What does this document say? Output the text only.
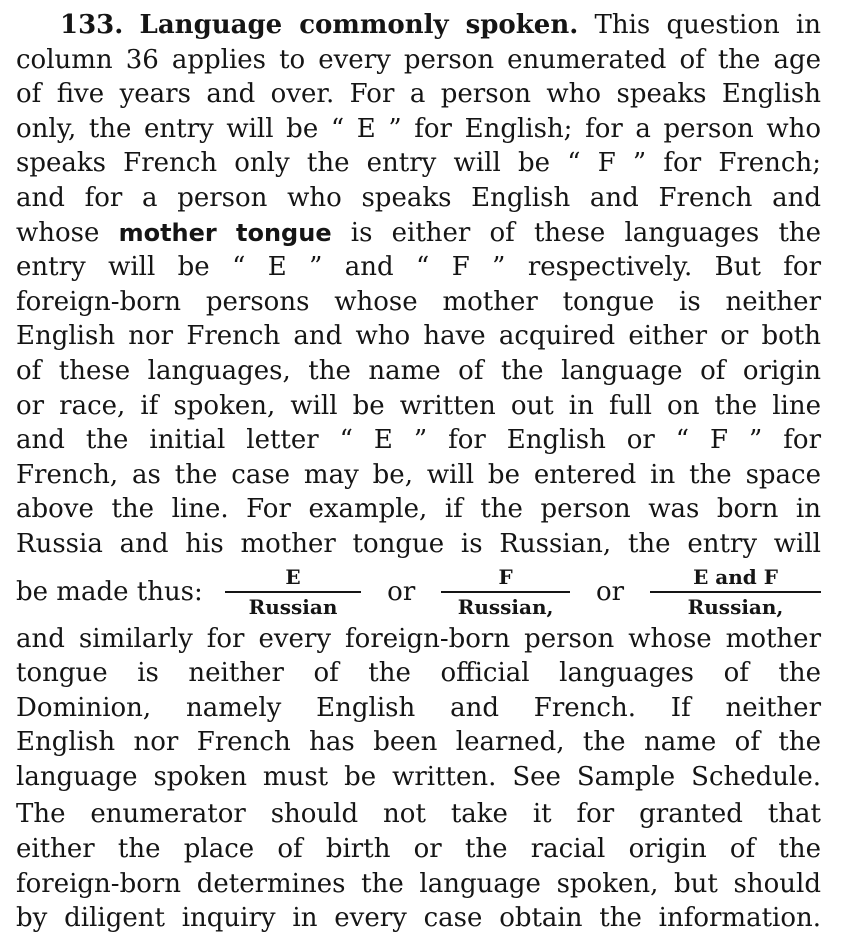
133. Language commonly spoken. This question in
column 36 applies to every person enumerated of the age
of five years and over. For a person who speaks English
only, the entry will be “ E ” for English; for a person who
speaks French only the entry will be “ F ” for French;
and for a person who speaks English and French and
whose mother tongue is either of these languages the
entry will be “ E ” and “ F ” respectively. But for
foreign-born persons whose mother tongue is neither
English nor French and who have acquired either or both
of these languages, the name of the language of origin
or race, if spoken, will be written out in full on the line
and the initial letter “ E ” for English or “ F ” for
French, as the case may be, will be entered in the space
above the line. For example, if the person was born in
Russia and his mother tongue is Russian, the entry will
be made thus: $\frac{E}{\text{Russian}}$ or $\frac{F}{\text{Russian,}}$ or $\frac{\text{E and F}}{\text{Russian,}}$
and similarly for every foreign-born person whose mother
tongue is neither of the official languages of the
Dominion, namely English and French. If neither
English nor French has been learned, the name of the
language spoken must be written. See Sample Schedule.
The enumerator should not take it for granted that
either the place of birth or the racial origin of the
foreign-born determines the language spoken, but should
by diligent inquiry in every case obtain the information.
